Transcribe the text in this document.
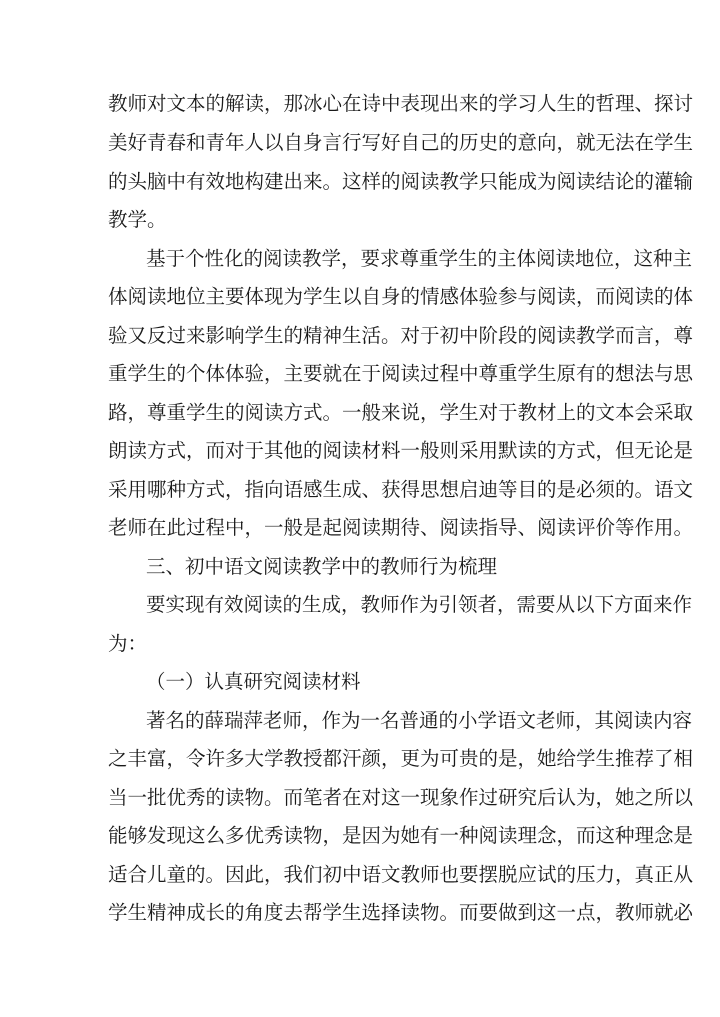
教师对文本的解读，那冰心在诗中表现出来的学习人生的哲理、探讨
美好青春和青年人以自身言行写好自己的历史的意向，就无法在学生
的头脑中有效地构建出来。这样的阅读教学只能成为阅读结论的灌输
教学。
基于个性化的阅读教学，要求尊重学生的主体阅读地位，这种主
体阅读地位主要体现为学生以自身的情感体验参与阅读，而阅读的体
验又反过来影响学生的精神生活。对于初中阶段的阅读教学而言，尊
重学生的个体体验，主要就在于阅读过程中尊重学生原有的想法与思
路，尊重学生的阅读方式。一般来说，学生对于教材上的文本会采取
朗读方式，而对于其他的阅读材料一般则采用默读的方式，但无论是
采用哪种方式，指向语感生成、获得思想启迪等目的是必须的。语文
老师在此过程中，一般是起阅读期待、阅读指导、阅读评价等作用。
三、初中语文阅读教学中的教师行为梳理
要实现有效阅读的生成，教师作为引领者，需要从以下方面来作
为：
（一）认真研究阅读材料
著名的薛瑞萍老师，作为一名普通的小学语文老师，其阅读内容
之丰富，令许多大学教授都汗颜，更为可贵的是，她给学生推荐了相
当一批优秀的读物。而笔者在对这一现象作过研究后认为，她之所以
能够发现这么多优秀读物，是因为她有一种阅读理念，而这种理念是
适合儿童的。因此，我们初中语文教师也要摆脱应试的压力，真正从
学生精神成长的角度去帮学生选择读物。而要做到这一点，教师就必
